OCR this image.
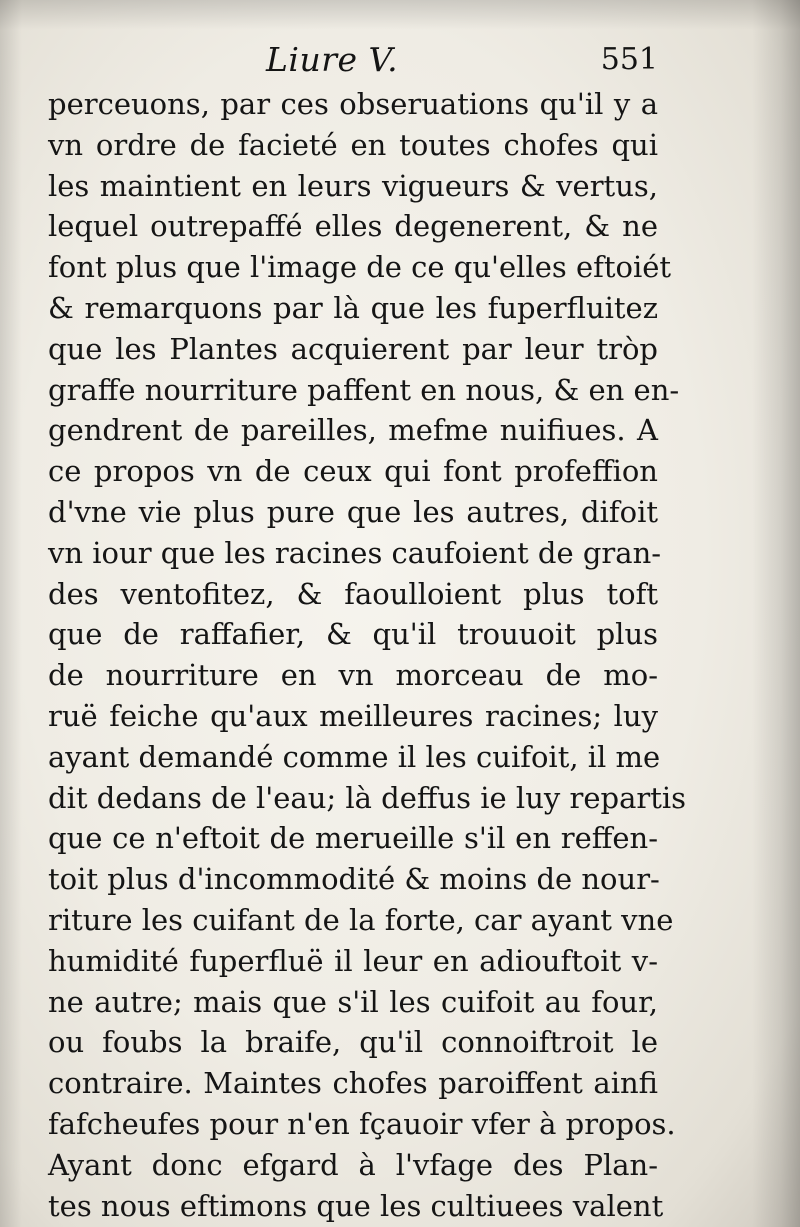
Liure V.	551
perceuons, par ces obseruations qu'il y a
vn ordre de facieté en toutes chofes qui
les maintient en leurs vigueurs & vertus,
lequel outrepaffé elles degenerent, & ne
font plus que l'image de ce qu'elles eftoiét
& remarquons par là que les fuperfluitez
que les Plantes acquierent par leur tròp
graffe nourriture paffent en nous, & en en-
gendrent de pareilles, mefme nuifiues. A
ce propos vn de ceux qui font profeffion
d'vne vie plus pure que les autres, difoit
vn iour que les racines caufoient de gran-
des ventofitez, & faoulloient plus toft
que de raffafier, & qu'il trouuoit plus
de nourriture en vn morceau de mo-
ruë feiche qu'aux meilleures racines; luy
ayant demandé comme il les cuifoit, il me
dit dedans de l'eau; là deffus ie luy repartis
que ce n'eftoit de merueille s'il en reffen-
toit plus d'incommodité & moins de nour-
riture les cuifant de la forte, car ayant vne
humidité fuperfluë il leur en adiouftoit v-
ne autre; mais que s'il les cuifoit au four,
ou foubs la braife, qu'il connoiftroit le
contraire. Maintes chofes paroiffent ainfi
fafcheufes pour n'en fçauoir vfer à propos.
Ayant donc efgard à l'vfage des Plan-
tes nous eftimons que les cultiuees valent
